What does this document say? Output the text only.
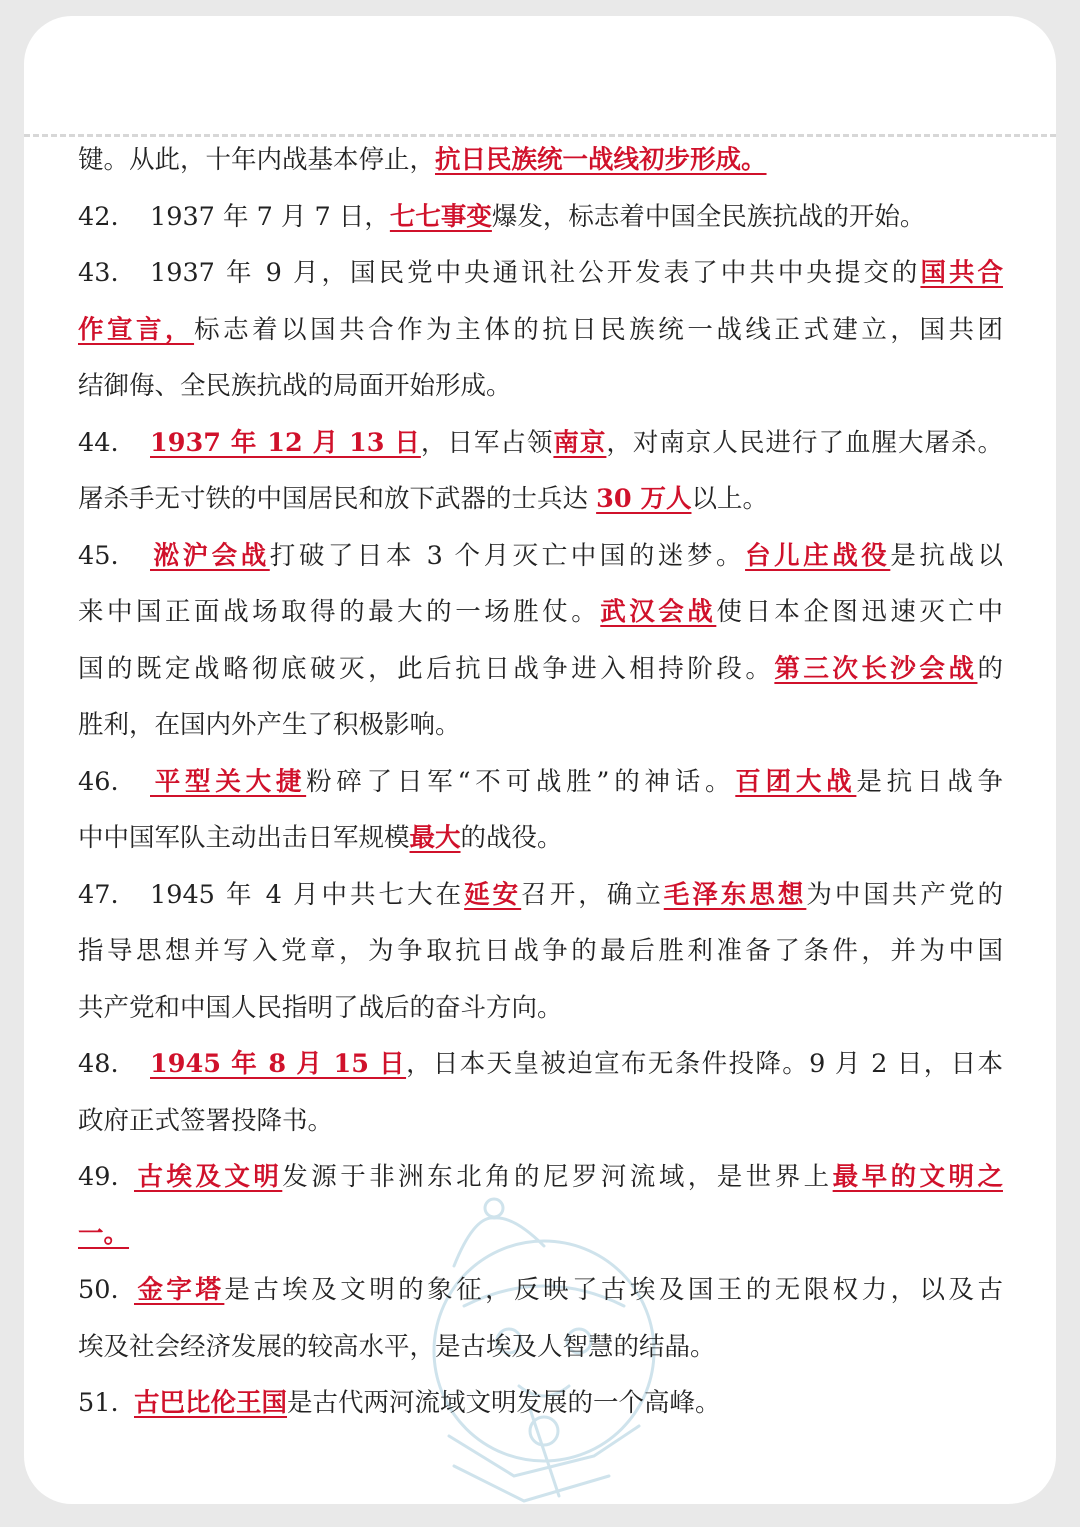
键。从此，十年内战基本停止，抗日民族统一战线初步形成。
42. 1937 年 7 月 7 日，七七事变爆发，标志着中国全民族抗战的开始。
43. 1937 年 9 月，国民党中央通讯社公开发表了中共中央提交的国共合
作宣言，标志着以国共合作为主体的抗日民族统一战线正式建立，国共团
结御侮、全民族抗战的局面开始形成。
44. 1937 年 12 月 13 日，日军占领南京，对南京人民进行了血腥大屠杀。
屠杀手无寸铁的中国居民和放下武器的士兵达 30 万人以上。
45. 淞沪会战打破了日本 3 个月灭亡中国的迷梦。台儿庄战役是抗战以
来中国正面战场取得的最大的一场胜仗。武汉会战使日本企图迅速灭亡中
国的既定战略彻底破灭，此后抗日战争进入相持阶段。第三次长沙会战的
胜利，在国内外产生了积极影响。
46. 平型关大捷粉碎了日军“不可战胜”的神话。百团大战是抗日战争
中中国军队主动出击日军规模最大的战役。
47. 1945 年 4 月中共七大在延安召开，确立毛泽东思想为中国共产党的
指导思想并写入党章，为争取抗日战争的最后胜利准备了条件，并为中国
共产党和中国人民指明了战后的奋斗方向。
48. 1945 年 8 月 15 日，日本天皇被迫宣布无条件投降。9 月 2 日，日本
政府正式签署投降书。
49. 古埃及文明发源于非洲东北角的尼罗河流域，是世界上最早的文明之
一。
50. 金字塔是古埃及文明的象征，反映了古埃及国王的无限权力，以及古
埃及社会经济发展的较高水平，是古埃及人智慧的结晶。
51. 古巴比伦王国是古代两河流域文明发展的一个高峰。
